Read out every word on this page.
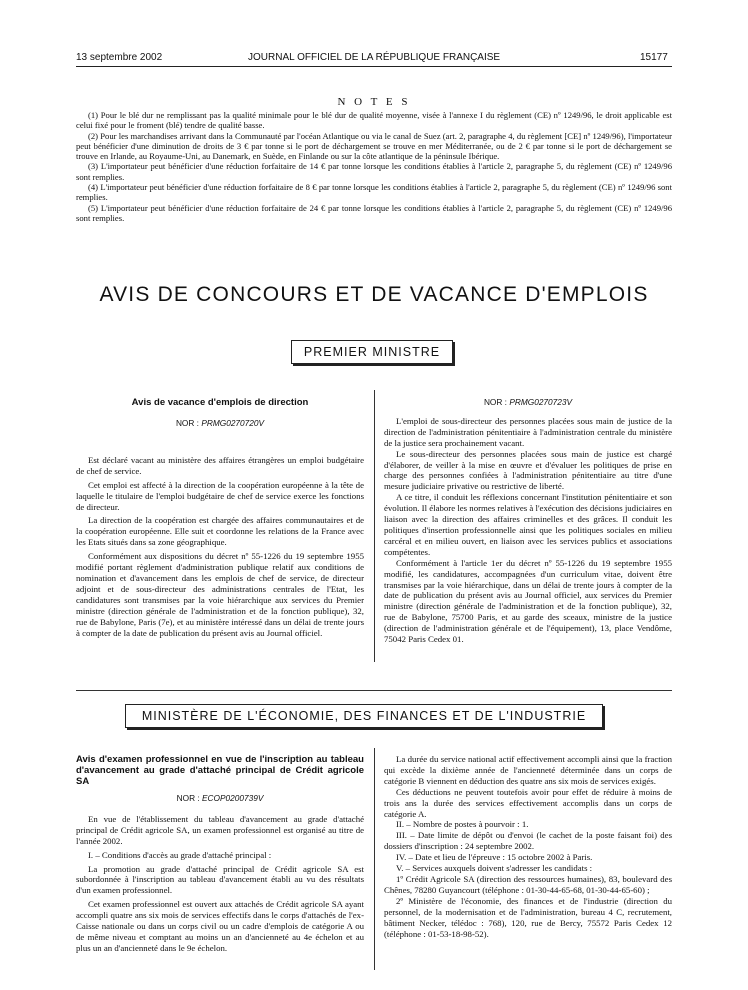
13 septembre 2002	JOURNAL OFFICIEL DE LA RÉPUBLIQUE FRANÇAISE	15177
N O T E S

(1) Pour le blé dur ne remplissant pas la qualité minimale pour le blé dur de qualité moyenne, visée à l'annexe I du règlement (CE) nº 1249/96, le droit applicable est celui fixé pour le froment (blé) tendre de qualité basse.

(2) Pour les marchandises arrivant dans la Communauté par l'océan Atlantique ou via le canal de Suez (art. 2, paragraphe 4, du règlement [CE] nº 1249/96), l'importateur peut bénéficier d'une diminution de droits de 3 € par tonne si le port de déchargement se trouve en mer Méditerranée, ou de 2 € par tonne si le port de déchargement se trouve en Irlande, au Royaume-Uni, au Danemark, en Suède, en Finlande ou sur la côte atlantique de la péninsule Ibérique.

(3) L'importateur peut bénéficier d'une réduction forfaitaire de 14 € par tonne lorsque les conditions établies à l'article 2, paragraphe 5, du règlement (CE) nº 1249/96 sont remplies.

(4) L'importateur peut bénéficier d'une réduction forfaitaire de 8 € par tonne lorsque les conditions établies à l'article 2, paragraphe 5, du règlement (CE) nº 1249/96 sont remplies.

(5) L'importateur peut bénéficier d'une réduction forfaitaire de 24 € par tonne lorsque les conditions établies à l'article 2, paragraphe 5, du règlement (CE) nº 1249/96 sont remplies.

AVIS DE CONCOURS ET DE VACANCE D'EMPLOIS
PREMIER MINISTRE
Avis de vacance d'emplois de direction
NOR : PRMG0270720V

Est déclaré vacant au ministère des affaires étrangères un emploi budgétaire de chef de service.

Cet emploi est affecté à la direction de la coopération européenne à la tête de laquelle le titulaire de l'emploi budgétaire de chef de service exerce les fonctions de directeur.

La direction de la coopération est chargée des affaires communautaires et de la coopération européenne. Elle suit et coordonne les relations de la France avec les Etats situés dans sa zone géographique.

Conformément aux dispositions du décret nº 55-1226 du 19 septembre 1955 modifié portant règlement d'administration publique relatif aux conditions de nomination et d'avancement dans les emplois de chef de service, de directeur adjoint et de sous-directeur des administrations centrales de l'Etat, les candidatures sont transmises par la voie hiérarchique aux services du Premier ministre (direction générale de l'administration et de la fonction publique), 32, rue de Babylone, Paris (7e), et au ministère intéressé dans un délai de trente jours à compter de la date de publication du présent avis au Journal officiel.

NOR : PRMG0270723V

L'emploi de sous-directeur des personnes placées sous main de justice de la direction de l'administration pénitentiaire à l'administration centrale du ministère de la justice sera prochainement vacant.

Le sous-directeur des personnes placées sous main de justice est chargé d'élaborer, de veiller à la mise en œuvre et d'évaluer les politiques de prise en charge des personnes confiées à l'administration pénitentiaire au titre d'une mesure judiciaire privative ou restrictive de liberté.

A ce titre, il conduit les réflexions concernant l'institution pénitentiaire et son évolution. Il élabore les normes relatives à l'exécution des décisions judiciaires en liaison avec la direction des affaires criminelles et des grâces. Il conduit les politiques d'insertion professionnelle ainsi que les politiques sociales en milieu carcéral et en milieu ouvert, en liaison avec les services publics et associations compétentes.

Conformément à l'article 1er du décret nº 55-1226 du 19 septembre 1955 modifié, les candidatures, accompagnées d'un curriculum vitae, doivent être transmises par la voie hiérarchique, dans un délai de trente jours à compter de la date de publication du présent avis au Journal officiel, aux services du Premier ministre (direction générale de l'administration et de la fonction publique), 32, rue de Babylone, 75700 Paris, et au garde des sceaux, ministre de la justice (direction de l'administration générale et de l'équipement), 13, place Vendôme, 75042 Paris Cedex 01.

MINISTÈRE DE L'ÉCONOMIE, DES FINANCES ET DE L'INDUSTRIE
Avis d'examen professionnel en vue de l'inscription au tableau d'avancement au grade d'attaché principal de Crédit agricole SA
NOR : ECOP0200739V

En vue de l'établissement du tableau d'avancement au grade d'attaché principal de Crédit agricole SA, un examen professionnel est organisé au titre de l'année 2002.

I. – Conditions d'accès au grade d'attaché principal :

La promotion au grade d'attaché principal de Crédit agricole SA est subordonnée à l'inscription au tableau d'avancement établi au vu des résultats d'un examen professionnel.

Cet examen professionnel est ouvert aux attachés de Crédit agricole SA ayant accompli quatre ans six mois de services effectifs dans le corps d'attachés de l'ex-Caisse nationale ou dans un corps civil ou un cadre d'emplois de catégorie A ou de même niveau et comptant au moins un an d'ancienneté au 4e échelon et au plus un an d'ancienneté dans le 9e échelon.

La durée du service national actif effectivement accompli ainsi que la fraction qui excède la dixième année de l'ancienneté déterminée dans un corps de catégorie B viennent en déduction des quatre ans six mois de services exigés.

Ces déductions ne peuvent toutefois avoir pour effet de réduire à moins de trois ans la durée des services effectivement accomplis dans un corps de catégorie A.

II. – Nombre de postes à pourvoir : 1.

III. – Date limite de dépôt ou d'envoi (le cachet de la poste faisant foi) des dossiers d'inscription : 24 septembre 2002.

IV. – Date et lieu de l'épreuve : 15 octobre 2002 à Paris.

V. – Services auxquels doivent s'adresser les candidats :

1º Crédit Agricole SA (direction des ressources humaines), 83, boulevard des Chênes, 78280 Guyancourt (téléphone : 01-30-44-65-68, 01-30-44-65-60) ;

2º Ministère de l'économie, des finances et de l'industrie (direction du personnel, de la modernisation et de l'administration, bureau 4 C, recrutement, bâtiment Necker, télédoc : 768), 120, rue de Bercy, 75572 Paris Cedex 12 (téléphone : 01-53-18-98-52).
